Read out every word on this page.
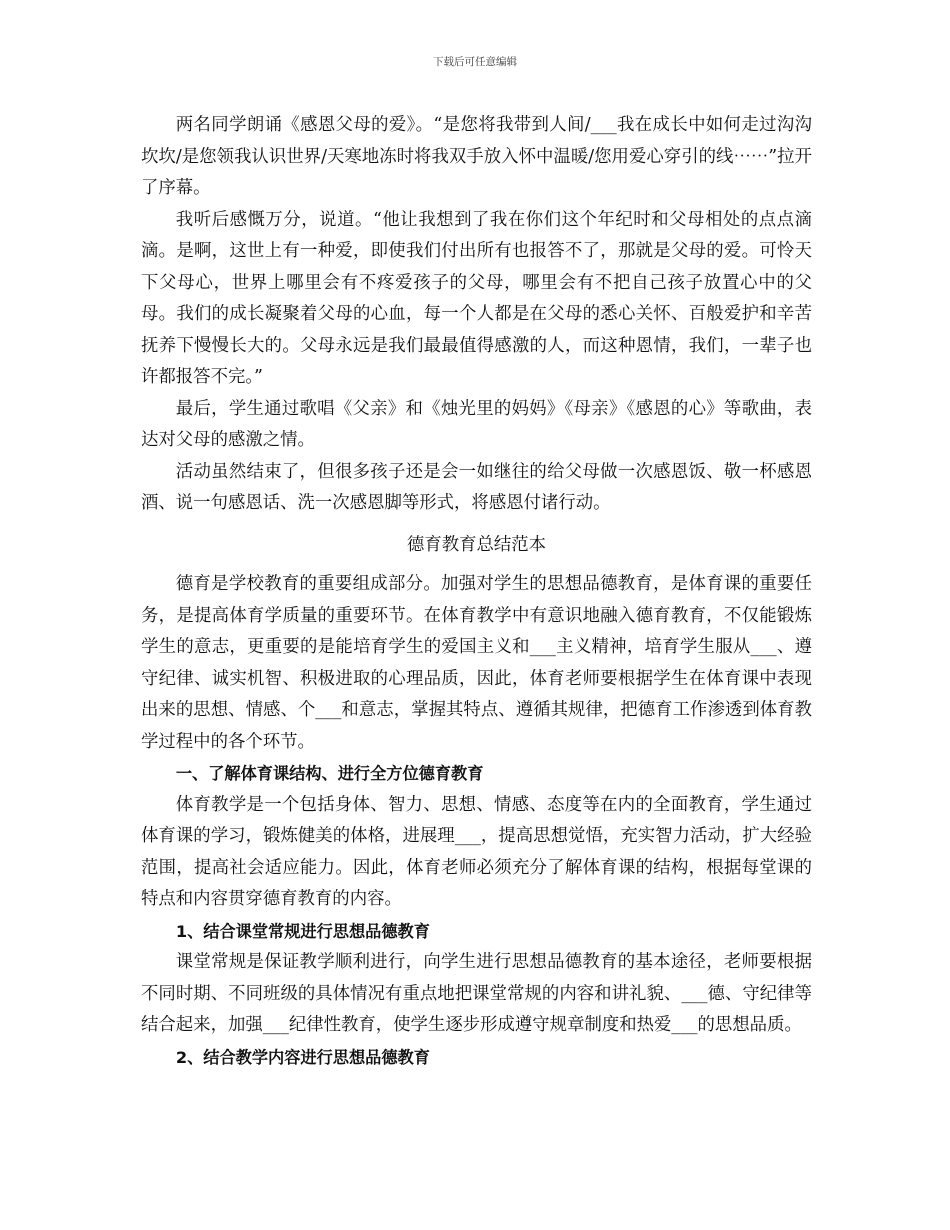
下载后可任意编辑

两名同学朗诵《感恩父母的爱》。“是您将我带到人间/___我在成长中如何走过沟沟坎坎/是您领我认识世界/天寒地冻时将我双手放入怀中温暖/您用爱心穿引的线⋯⋯”拉开了序幕。

我听后感慨万分，说道。“他让我想到了我在你们这个年纪时和父母相处的点点滴滴。是啊，这世上有一种爱，即使我们付出所有也报答不了，那就是父母的爱。可怜天下父母心，世界上哪里会有不疼爱孩子的父母，哪里会有不把自己孩子放置心中的父母。我们的成长凝聚着父母的心血，每一个人都是在父母的悉心关怀、百般爱护和辛苦抚养下慢慢长大的。父母永远是我们最最值得感激的人，而这种恩情，我们，一辈子也许都报答不完。”

最后，学生通过歌唱《父亲》和《烛光里的妈妈》《母亲》《感恩的心》等歌曲，表达对父母的感激之情。

活动虽然结束了，但很多孩子还是会一如继往的给父母做一次感恩饭、敬一杯感恩酒、说一句感恩话、洗一次感恩脚等形式，将感恩付诸行动。

德育教育总结范本

德育是学校教育的重要组成部分。加强对学生的思想品德教育，是体育课的重要任务，是提高体育学质量的重要环节。在体育教学中有意识地融入德育教育，不仅能锻炼学生的意志，更重要的是能培育学生的爱国主义和___主义精神，培育学生服从___、遵守纪律、诚实机智、积极进取的心理品质，因此，体育老师要根据学生在体育课中表现出来的思想、情感、个___和意志，掌握其特点、遵循其规律，把德育工作渗透到体育教学过程中的各个环节。

一、了解体育课结构、进行全方位德育教育

体育教学是一个包括身体、智力、思想、情感、态度等在内的全面教育，学生通过体育课的学习，锻炼健美的体格，进展理___，提高思想觉悟，充实智力活动，扩大经验范围，提高社会适应能力。因此，体育老师必须充分了解体育课的结构，根据每堂课的特点和内容贯穿德育教育的内容。

1、结合课堂常规进行思想品德教育

课堂常规是保证教学顺利进行，向学生进行思想品德教育的基本途径，老师要根据不同时期、不同班级的具体情况有重点地把课堂常规的内容和讲礼貌、___德、守纪律等结合起来，加强___纪律性教育，使学生逐步形成遵守规章制度和热爱___的思想品质。

2、结合教学内容进行思想品德教育
